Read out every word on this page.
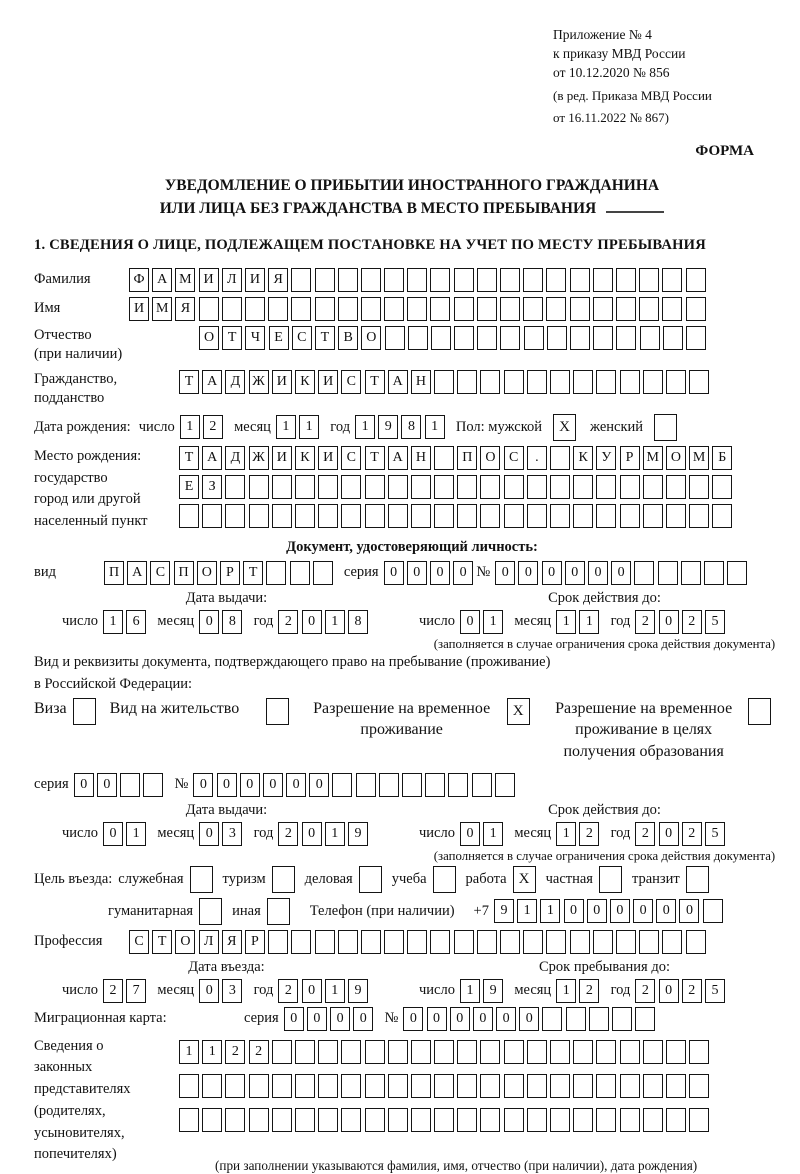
Приложение № 4
к приказу МВД России
от 10.12.2020 № 856
(в ред. Приказа МВД России
от 16.11.2022 № 867)
ФОРМА
УВЕДОМЛЕНИЕ О ПРИБЫТИИ ИНОСТРАННОГО ГРАЖДАНИНА
ИЛИ ЛИЦА БЕЗ ГРАЖДАНСТВА В МЕСТО ПРЕБЫВАНИЯ
1. СВЕДЕНИЯ О ЛИЦЕ, ПОДЛЕЖАЩЕМ ПОСТАНОВКЕ НА УЧЕТ ПО МЕСТУ ПРЕБЫВАНИЯ
Фамилия	Ф А М И Л И Я
Имя	И М Я
Отчество
(при наличии)
О Т	Ч	Е	С	Т	В О
Гражданство,
подданство
Т А Д Ж И К И С	Т А Н
Дата рождения: число 1	2	месяц 1	1	год 1	9	8	1	Пол: мужской	X	женский
Место рождения:
государство
город или другой
населенный пункт
Т А Д Ж И К И С	Т А Н	П О С	.	К У	Р М О М Б
Е	З
Документ, удостоверяющий личность:
вид	П А С П О	Р	Т	серия 0	0	0	0 № 0	0	0	0	0	0
Дата выдачи:
число 1	6	месяц 0	8	год 2	0	1	8
Срок действия до:
число 0	1	месяц 1	1	год 2	0	2	5
(заполняется в случае ограничения срока действия документа)
Вид и реквизиты документа, подтверждающего право на пребывание (проживание)
в Российской Федерации:
Виза	Вид на жительство	Разрешение на временное проживание
X	Разрешение на временное проживание в целях получения образования
серия 0	0	№ 0	0	0	0	0	0
Дата выдачи:
число 0	1	месяц 0	3	год 2	0	1	9
Срок действия до:
число 0	1	месяц 1	2	год 2	0	2	5
(заполняется в случае ограничения срока действия документа)
Цель въезда: служебная	туризм	деловая	учеба	работа X	частная	транзит
гуманитарная	иная	Телефон (при наличии) +7 9	1	1	0	0	0	0	0	0
Профессия	С	Т О Л Я	Р
Дата въезда:
число 2	7	месяц 0	3	год 2	0	1	9
Срок пребывания до:
число 1	9	месяц 1	2	год 2	0	2	5
Миграционная карта:	серия 0	0	0	0	№ 0	0	0	0	0	0
Сведения о
законных
представителях
(родителях,
усыновителях,
попечителях)
1	1	2	2
(при заполнении указываются фамилия, имя, отчество (при наличии), дата рождения)
